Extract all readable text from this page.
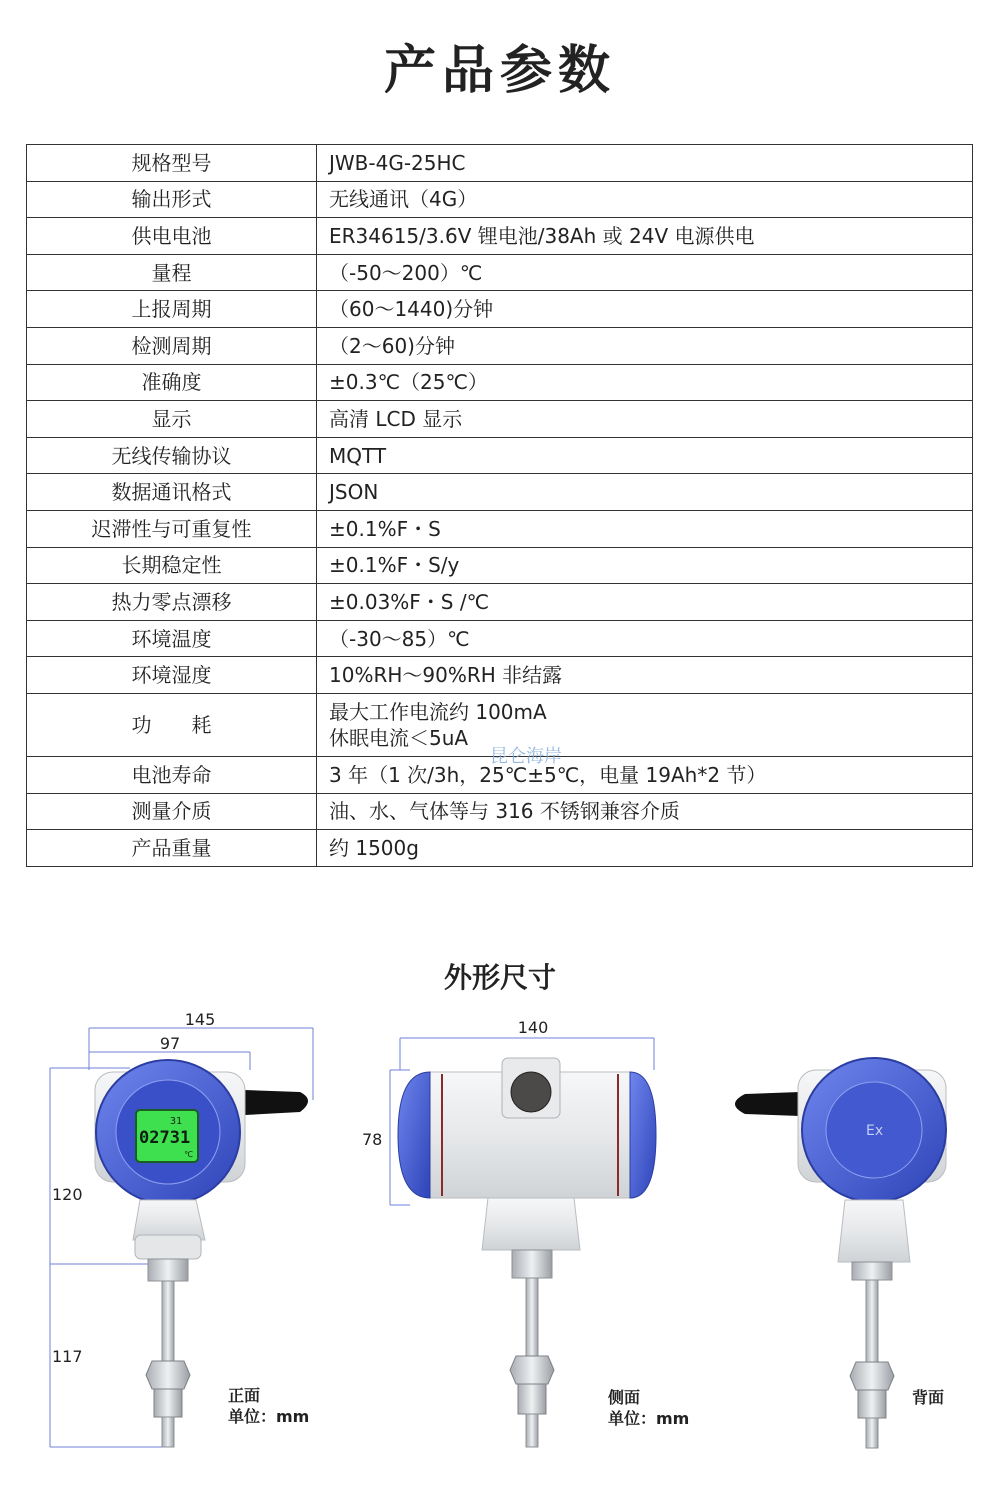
产品参数
规格型号	JWB-4G-25HC

输出形式	无线通讯（4G）

供电电池	ER34615/3.6V 锂电池/38Ah 或 24V 电源供电

量程	（-50～200）℃

上报周期	（60～1440)分钟

检测周期	（2～60)分钟

准确度	±0.3℃（25℃）

显示	高清 LCD 显示

无线传输协议	MQTT

数据通讯格式	JSON

迟滞性与可重复性	±0.1%F・S

长期稳定性	±0.1%F・S/y

热力零点漂移	±0.03%F・S /℃

环境温度	（-30～85）℃

环境湿度	10%RH～90%RH 非结露

功　　耗	最大工作电流约 100mA
休眠电流＜5uA

电池寿命	3 年（1 次/3h，25℃±5℃，电量 19Ah*2 节）

测量介质	油、水、气体等与 316 不锈钢兼容介质

产品重量	约 1500g
昆仑海岸
外形尺寸
145
97
120
117
31
02731
℃
140
78	Ex
正面
单位：mm
侧面
单位：mm
背面
